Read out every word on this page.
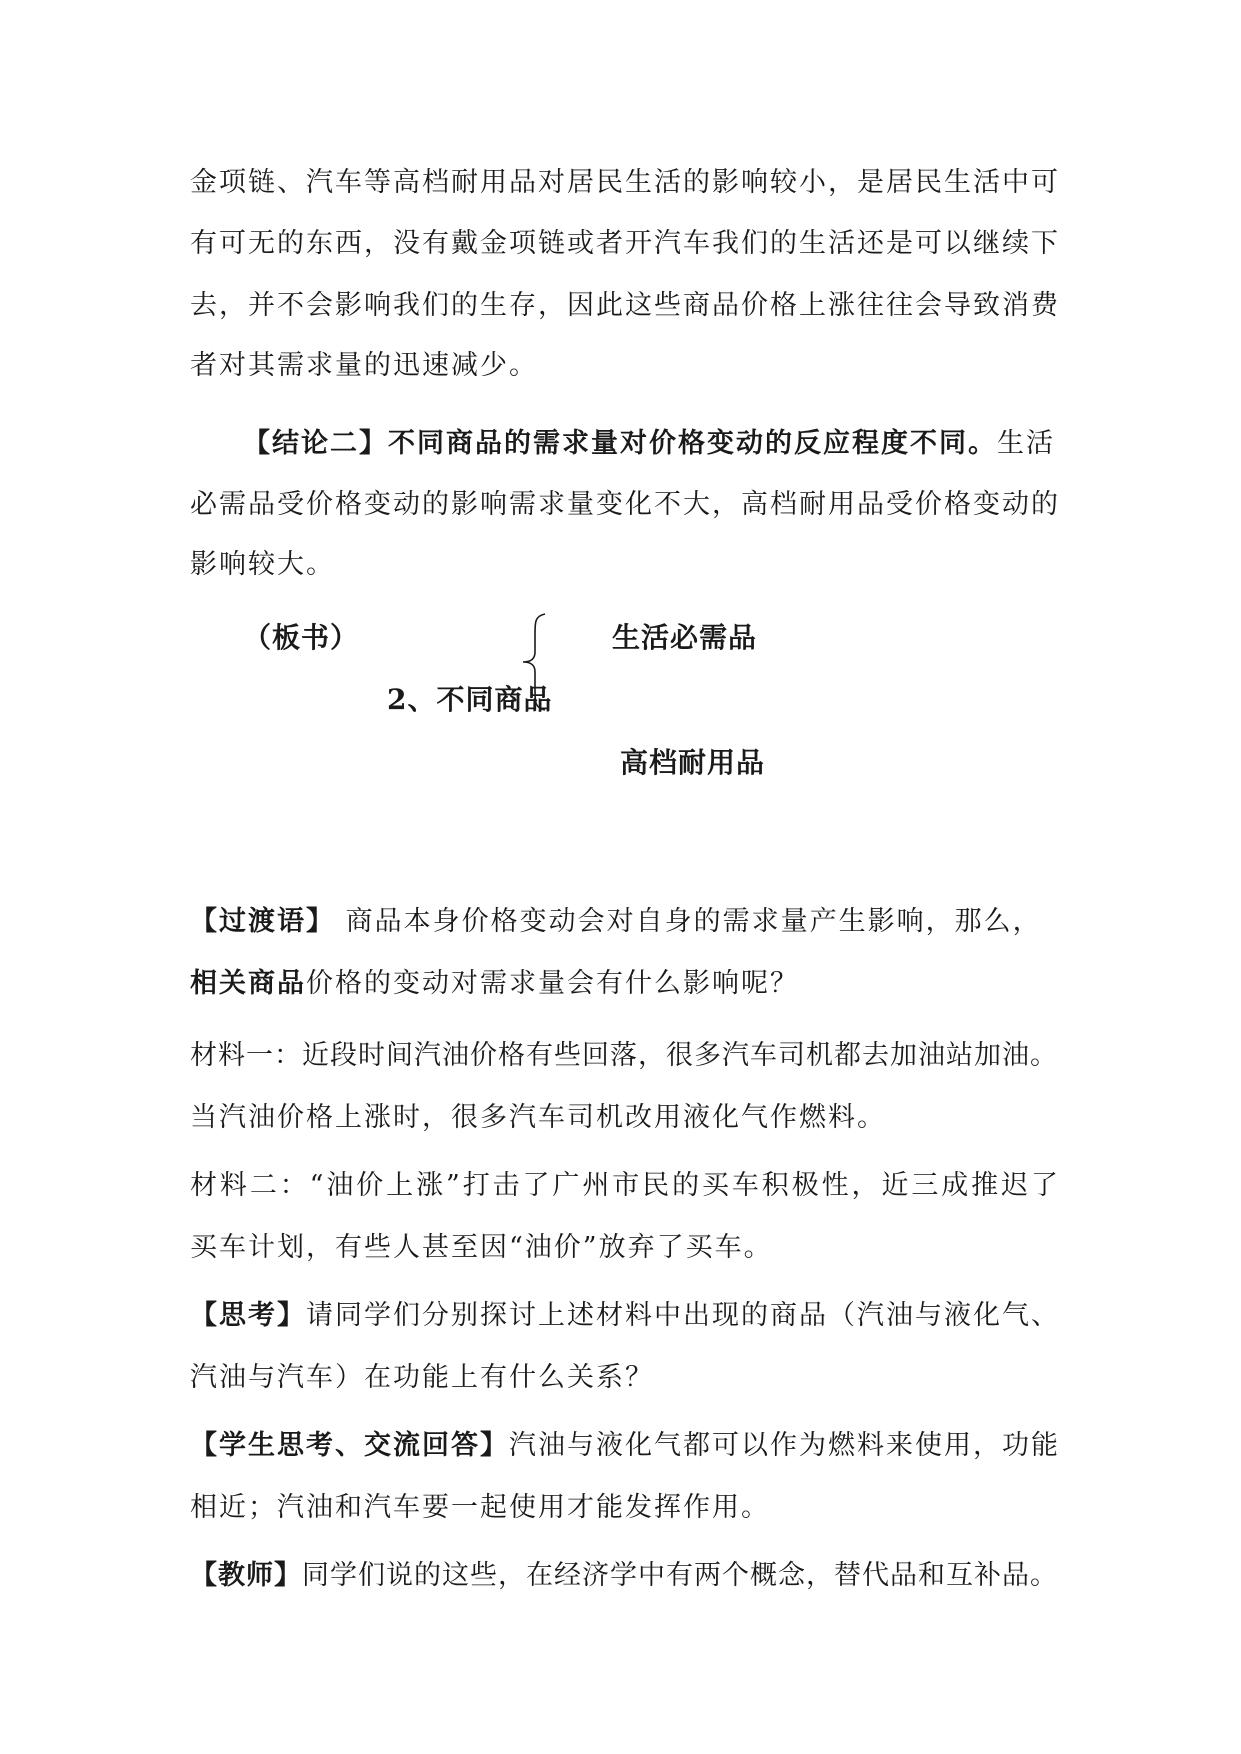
金项链、汽车等高档耐用品对居民生活的影响较小，是居民生活中可
有可无的东西，没有戴金项链或者开汽车我们的生活还是可以继续下
去，并不会影响我们的生存，因此这些商品价格上涨往往会导致消费
者对其需求量的迅速减少。
【结论二】不同商品的需求量对价格变动的反应程度不同。生活
必需品受价格变动的影响需求量变化不大，高档耐用品受价格变动的
影响较大。
（板书）	生活必需品
2、不同商品
高档耐用品
【过渡语】 商品本身价格变动会对自身的需求量产生影响，那么，
相关商品价格的变动对需求量会有什么影响呢？
材料一：近段时间汽油价格有些回落，很多汽车司机都去加油站加油。
当汽油价格上涨时，很多汽车司机改用液化气作燃料。
材料二：“油价上涨”打击了广州市民的买车积极性，近三成推迟了
买车计划，有些人甚至因“油价”放弃了买车。
【思考】请同学们分别探讨上述材料中出现的商品（汽油与液化气、
汽油与汽车）在功能上有什么关系？
【学生思考、交流回答】汽油与液化气都可以作为燃料来使用，功能
相近；汽油和汽车要一起使用才能发挥作用。
【教师】同学们说的这些，在经济学中有两个概念，替代品和互补品。
